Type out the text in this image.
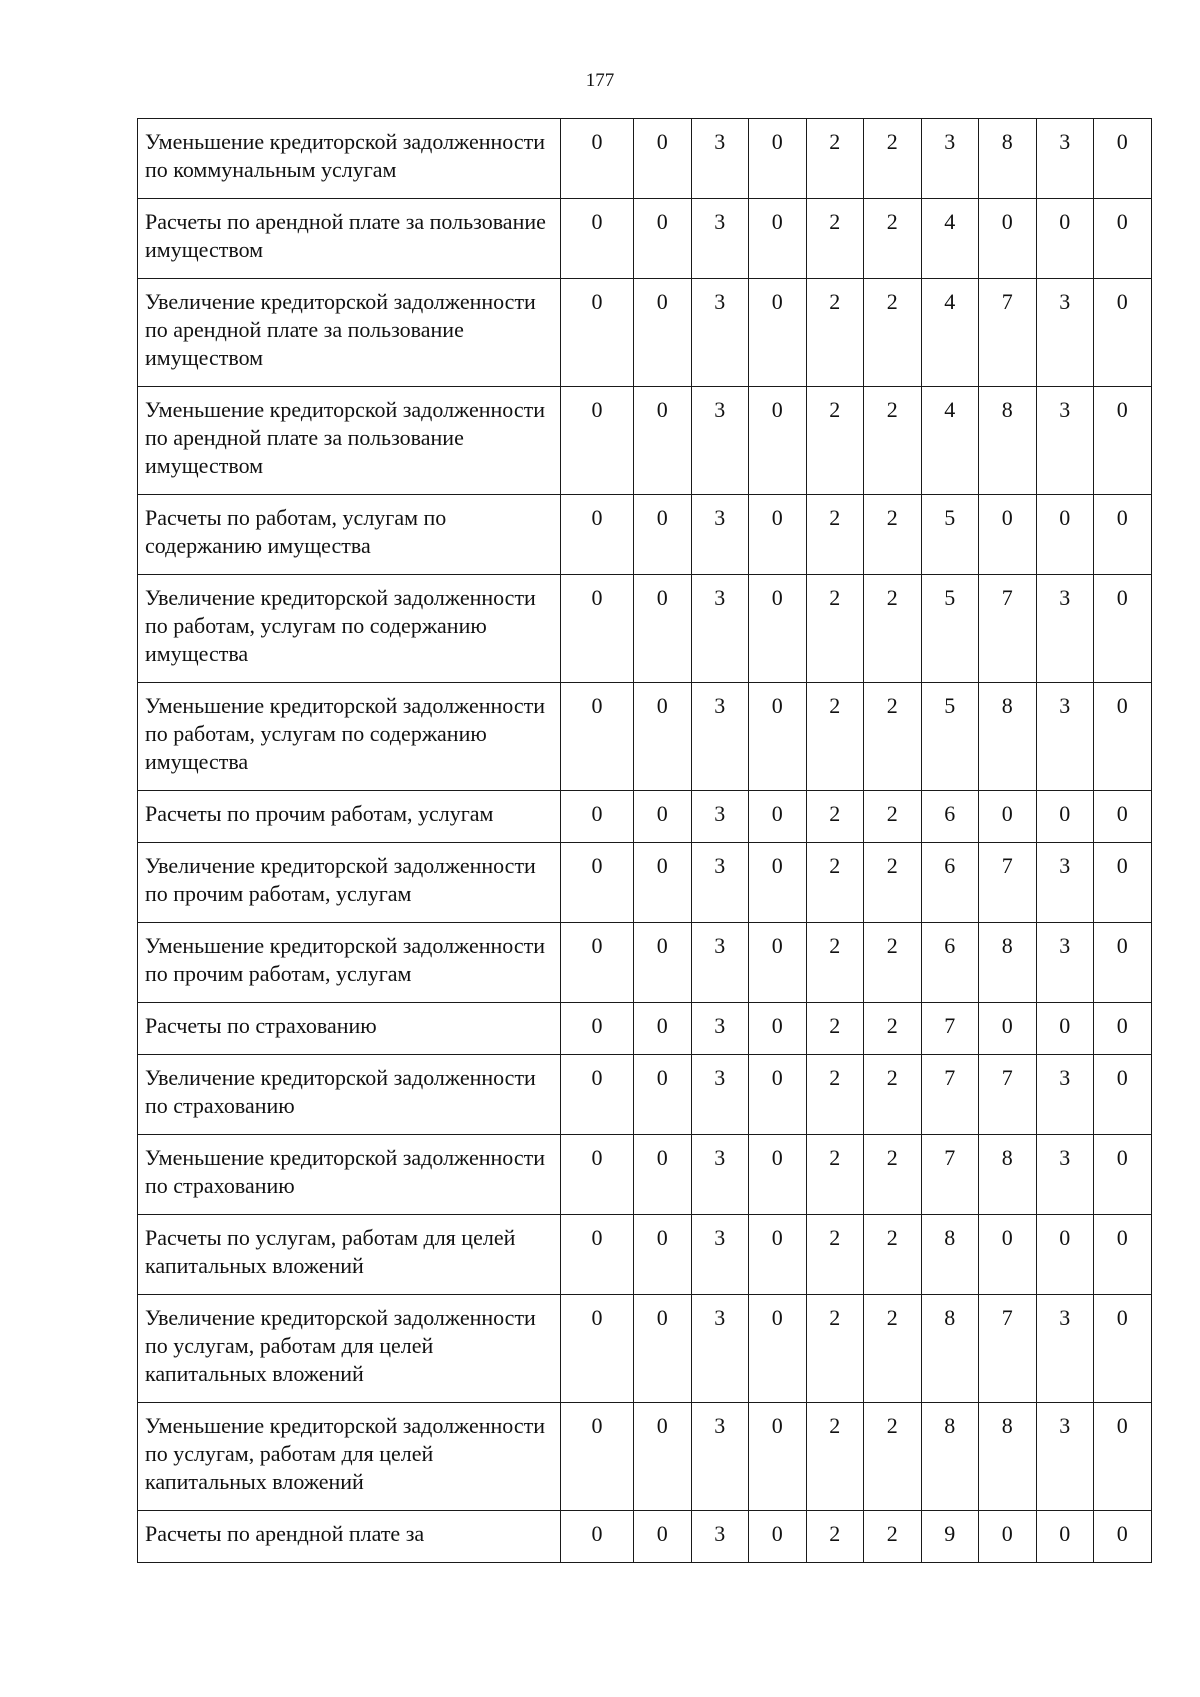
177
Уменьшение кредиторской задолженности по коммунальным услугам	0	0	3	0	2	2	3	8	3	0
Расчеты по арендной плате за пользование имуществом	0	0	3	0	2	2	4	0	0	0
Увеличение кредиторской задолженности по арендной плате за пользование имуществом	0	0	3	0	2	2	4	7	3	0
Уменьшение кредиторской задолженности по арендной плате за пользование имуществом	0	0	3	0	2	2	4	8	3	0
Расчеты по работам, услугам по содержанию имущества	0	0	3	0	2	2	5	0	0	0
Увеличение кредиторской задолженности по работам, услугам по содержанию имущества	0	0	3	0	2	2	5	7	3	0
Уменьшение кредиторской задолженности по работам, услугам по содержанию имущества	0	0	3	0	2	2	5	8	3	0
Расчеты по прочим работам, услугам	0	0	3	0	2	2	6	0	0	0
Увеличение кредиторской задолженности по прочим работам, услугам	0	0	3	0	2	2	6	7	3	0
Уменьшение кредиторской задолженности по прочим работам, услугам	0	0	3	0	2	2	6	8	3	0
Расчеты по страхованию	0	0	3	0	2	2	7	0	0	0
Увеличение кредиторской задолженности по страхованию	0	0	3	0	2	2	7	7	3	0
Уменьшение кредиторской задолженности по страхованию	0	0	3	0	2	2	7	8	3	0
Расчеты по услугам, работам для целей капитальных вложений	0	0	3	0	2	2	8	0	0	0
Увеличение кредиторской задолженности по услугам, работам для целей капитальных вложений	0	0	3	0	2	2	8	7	3	0
Уменьшение кредиторской задолженности по услугам, работам для целей капитальных вложений	0	0	3	0	2	2	8	8	3	0
Расчеты по арендной плате за	0	0	3	0	2	2	9	0	0	0
